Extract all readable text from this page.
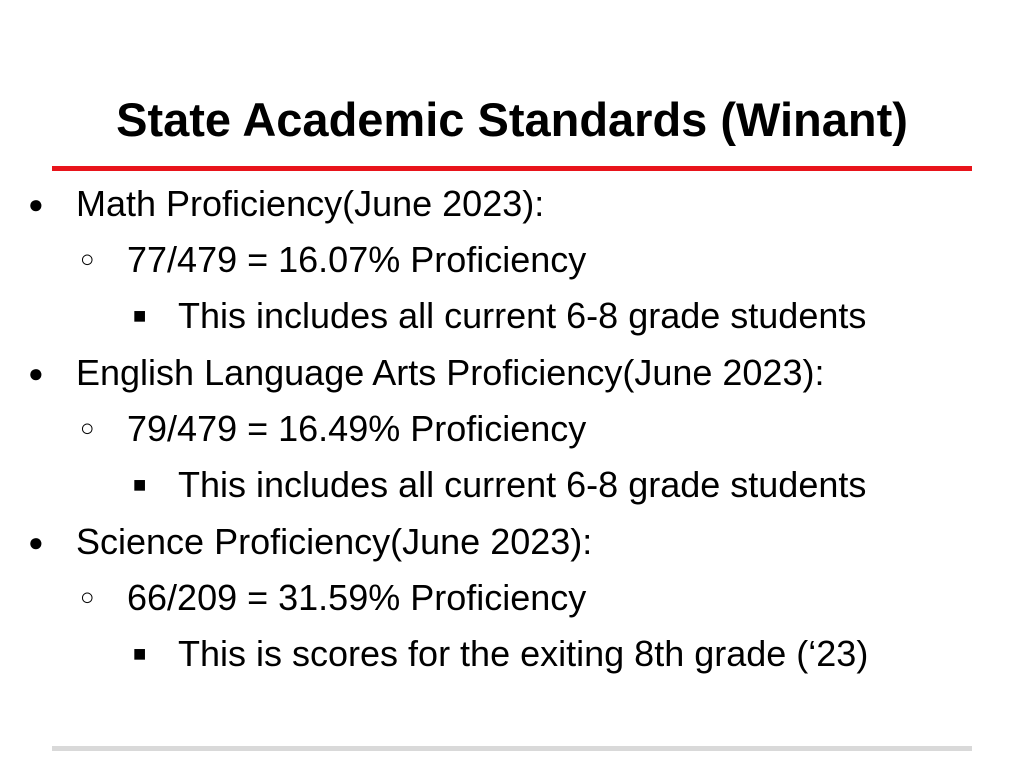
State Academic Standards (Winant)
● Math Proficiency(June 2023):
○ 77/479 = 16.07% Proficiency
■ This includes all current 6-8 grade students
● English Language Arts Proficiency(June 2023):
○ 79/479 = 16.49% Proficiency
■ This includes all current 6-8 grade students
● Science Proficiency(June 2023):
○ 66/209 = 31.59% Proficiency
■ This is scores for the exiting 8th grade (‘23)
